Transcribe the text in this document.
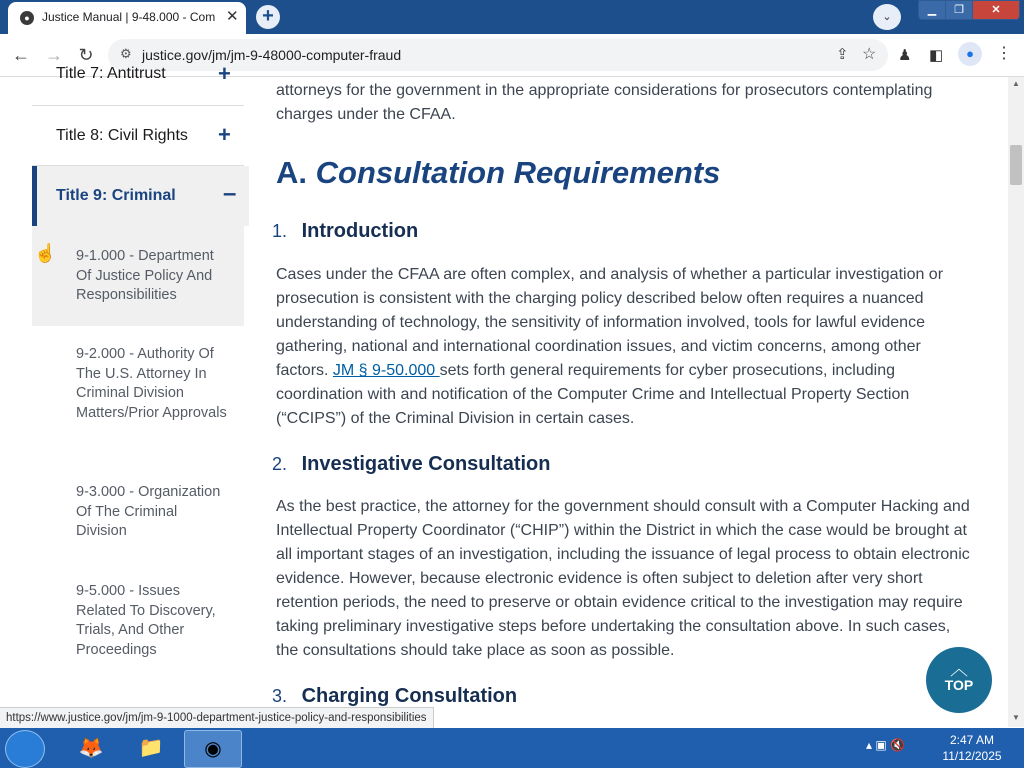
●	Justice Manual | 9-48.000 - Com ✕	+	⌄
▁	❐	✕
← → ↻	⚙ justice.gov/jm/jm-9-48000-computer-fraud	⇪ ☆ ♟ ◧	●	⋮
Title 7: Antitrust +
Title 8: Civil Rights +
Title 9: Criminal –
9-1.000 - Department Of Justice Policy And Responsibilities
9-2.000 - Authority Of The U.S. Attorney In Criminal Division Matters/Prior Approvals
9-3.000 - Organization Of The Criminal Division
9-5.000 - Issues Related To Discovery, Trials, And Other Proceedings
☝
attorneys for the government in the appropriate considerations for prosecutors contemplating charges under the CFAA.
A. Consultation Requirements
1. Introduction
Cases under the CFAA are often complex, and analysis of whether a particular investigation or prosecution is consistent with the charging policy described below often requires a nuanced understanding of technology, the sensitivity of information involved, tools for lawful evidence gathering, national and international coordination issues, and victim concerns, among other factors. JM § 9-50.000 sets forth general requirements for cyber prosecutions, including coordination with and notification of the Computer Crime and Intellectual Property Section (“CCIPS”) of the Criminal Division in certain cases.
2. Investigative Consultation
As the best practice, the attorney for the government should consult with a Computer Hacking and Intellectual Property Coordinator (“CHIP”) within the District in which the case would be brought at all important stages of an investigation, including the issuance of legal process to obtain electronic evidence. However, because electronic evidence is often subject to deletion after very short retention periods, the need to preserve or obtain evidence critical to the investigation may require taking preliminary investigative steps before undertaking the consultation above. In such cases, the consultations should take place as soon as possible.
3. Charging Consultation
︿
TOP
▲
▼
https://www.justice.gov/jm/jm-9-1000-department-justice-policy-and-responsibilities
🦊	📁	◉	▴ ▣ 🔇	2:47 AM
11/12/2025
